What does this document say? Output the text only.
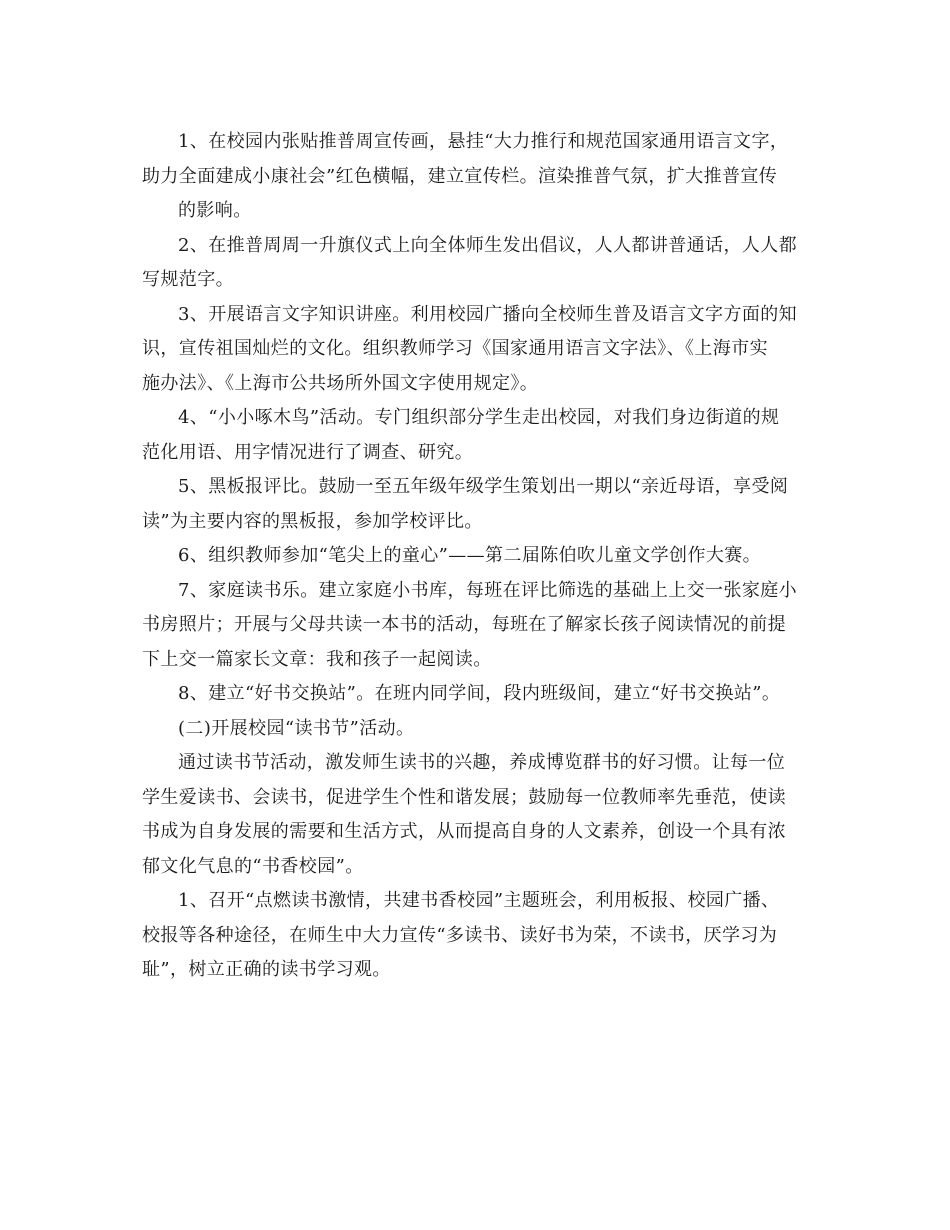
1、在校园内张贴推普周宣传画，悬挂“大力推行和规范国家通用语言文字，
助力全面建成小康社会”红色横幅，建立宣传栏。渲染推普气氛，扩大推普宣传
的影响。
2、在推普周周一升旗仪式上向全体师生发出倡议，人人都讲普通话，人人都
写规范字。
3、开展语言文字知识讲座。利用校园广播向全校师生普及语言文字方面的知
识，宣传祖国灿烂的文化。组织教师学习《国家通用语言文字法》、《上海市实
施办法》、《上海市公共场所外国文字使用规定》。
4、“小小啄木鸟”活动。专门组织部分学生走出校园，对我们身边街道的规
范化用语、用字情况进行了调查、研究。
5、黑板报评比。鼓励一至五年级年级学生策划出一期以“亲近母语，享受阅
读”为主要内容的黑板报，参加学校评比。
6、组织教师参加“笔尖上的童心”——第二届陈伯吹儿童文学创作大赛。
7、家庭读书乐。建立家庭小书库，每班在评比筛选的基础上上交一张家庭小
书房照片；开展与父母共读一本书的活动，每班在了解家长孩子阅读情况的前提
下上交一篇家长文章：我和孩子一起阅读。
8、建立“好书交换站”。在班内同学间，段内班级间，建立“好书交换站”。
(二)开展校园“读书节”活动。
通过读书节活动，激发师生读书的兴趣，养成博览群书的好习惯。让每一位
学生爱读书、会读书，促进学生个性和谐发展；鼓励每一位教师率先垂范，使读
书成为自身发展的需要和生活方式，从而提高自身的人文素养，创设一个具有浓
郁文化气息的“书香校园”。
1、召开“点燃读书激情，共建书香校园”主题班会，利用板报、校园广播、
校报等各种途径，在师生中大力宣传“多读书、读好书为荣，不读书，厌学习为
耻”，树立正确的读书学习观。
